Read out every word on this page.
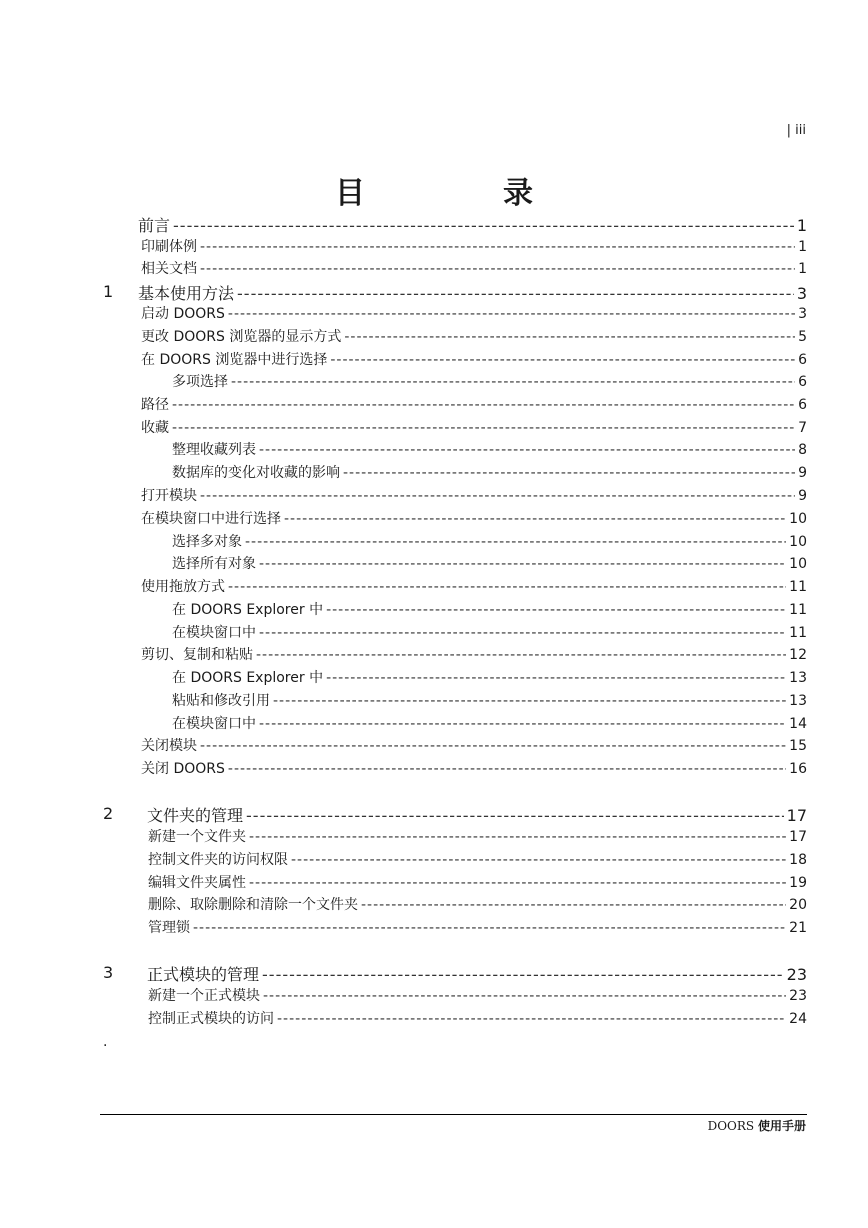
| iii
目　录
前言 -----	1
印刷体例 -----	1
相关文档 -----	1
1 基本使用方法 -----	3
启动 DOORS -----	3
更改 DOORS 浏览器的显示方式 -----	5
在 DOORS 浏览器中进行选择 -----	6
多项选择 -----	6
路径 -----	6
收藏 -----	7
整理收藏列表 -----	8
数据库的变化对收藏的影响 -----	9
打开模块 -----	9
在模块窗口中进行选择 -----	10
选择多对象 -----	10
选择所有对象 -----	10
使用拖放方式 -----	11
在 DOORS Explorer 中 -----	11
在模块窗口中 -----	11
剪切、复制和粘贴 -----	12
在 DOORS Explorer 中 -----	13
粘贴和修改引用 -----	13
在模块窗口中 -----	14
关闭模块 -----	15
关闭 DOORS -----	16
2 文件夹的管理 -----	17
新建一个文件夹 -----	17
控制文件夹的访问权限 -----	18
编辑文件夹属性 -----	19
删除、取除删除和清除一个文件夹 -----	20
管理锁 -----	21
3 正式模块的管理 -----	23
新建一个正式模块 -----	23
控制正式模块的访问 -----	24
.
DOORS 使用手册
